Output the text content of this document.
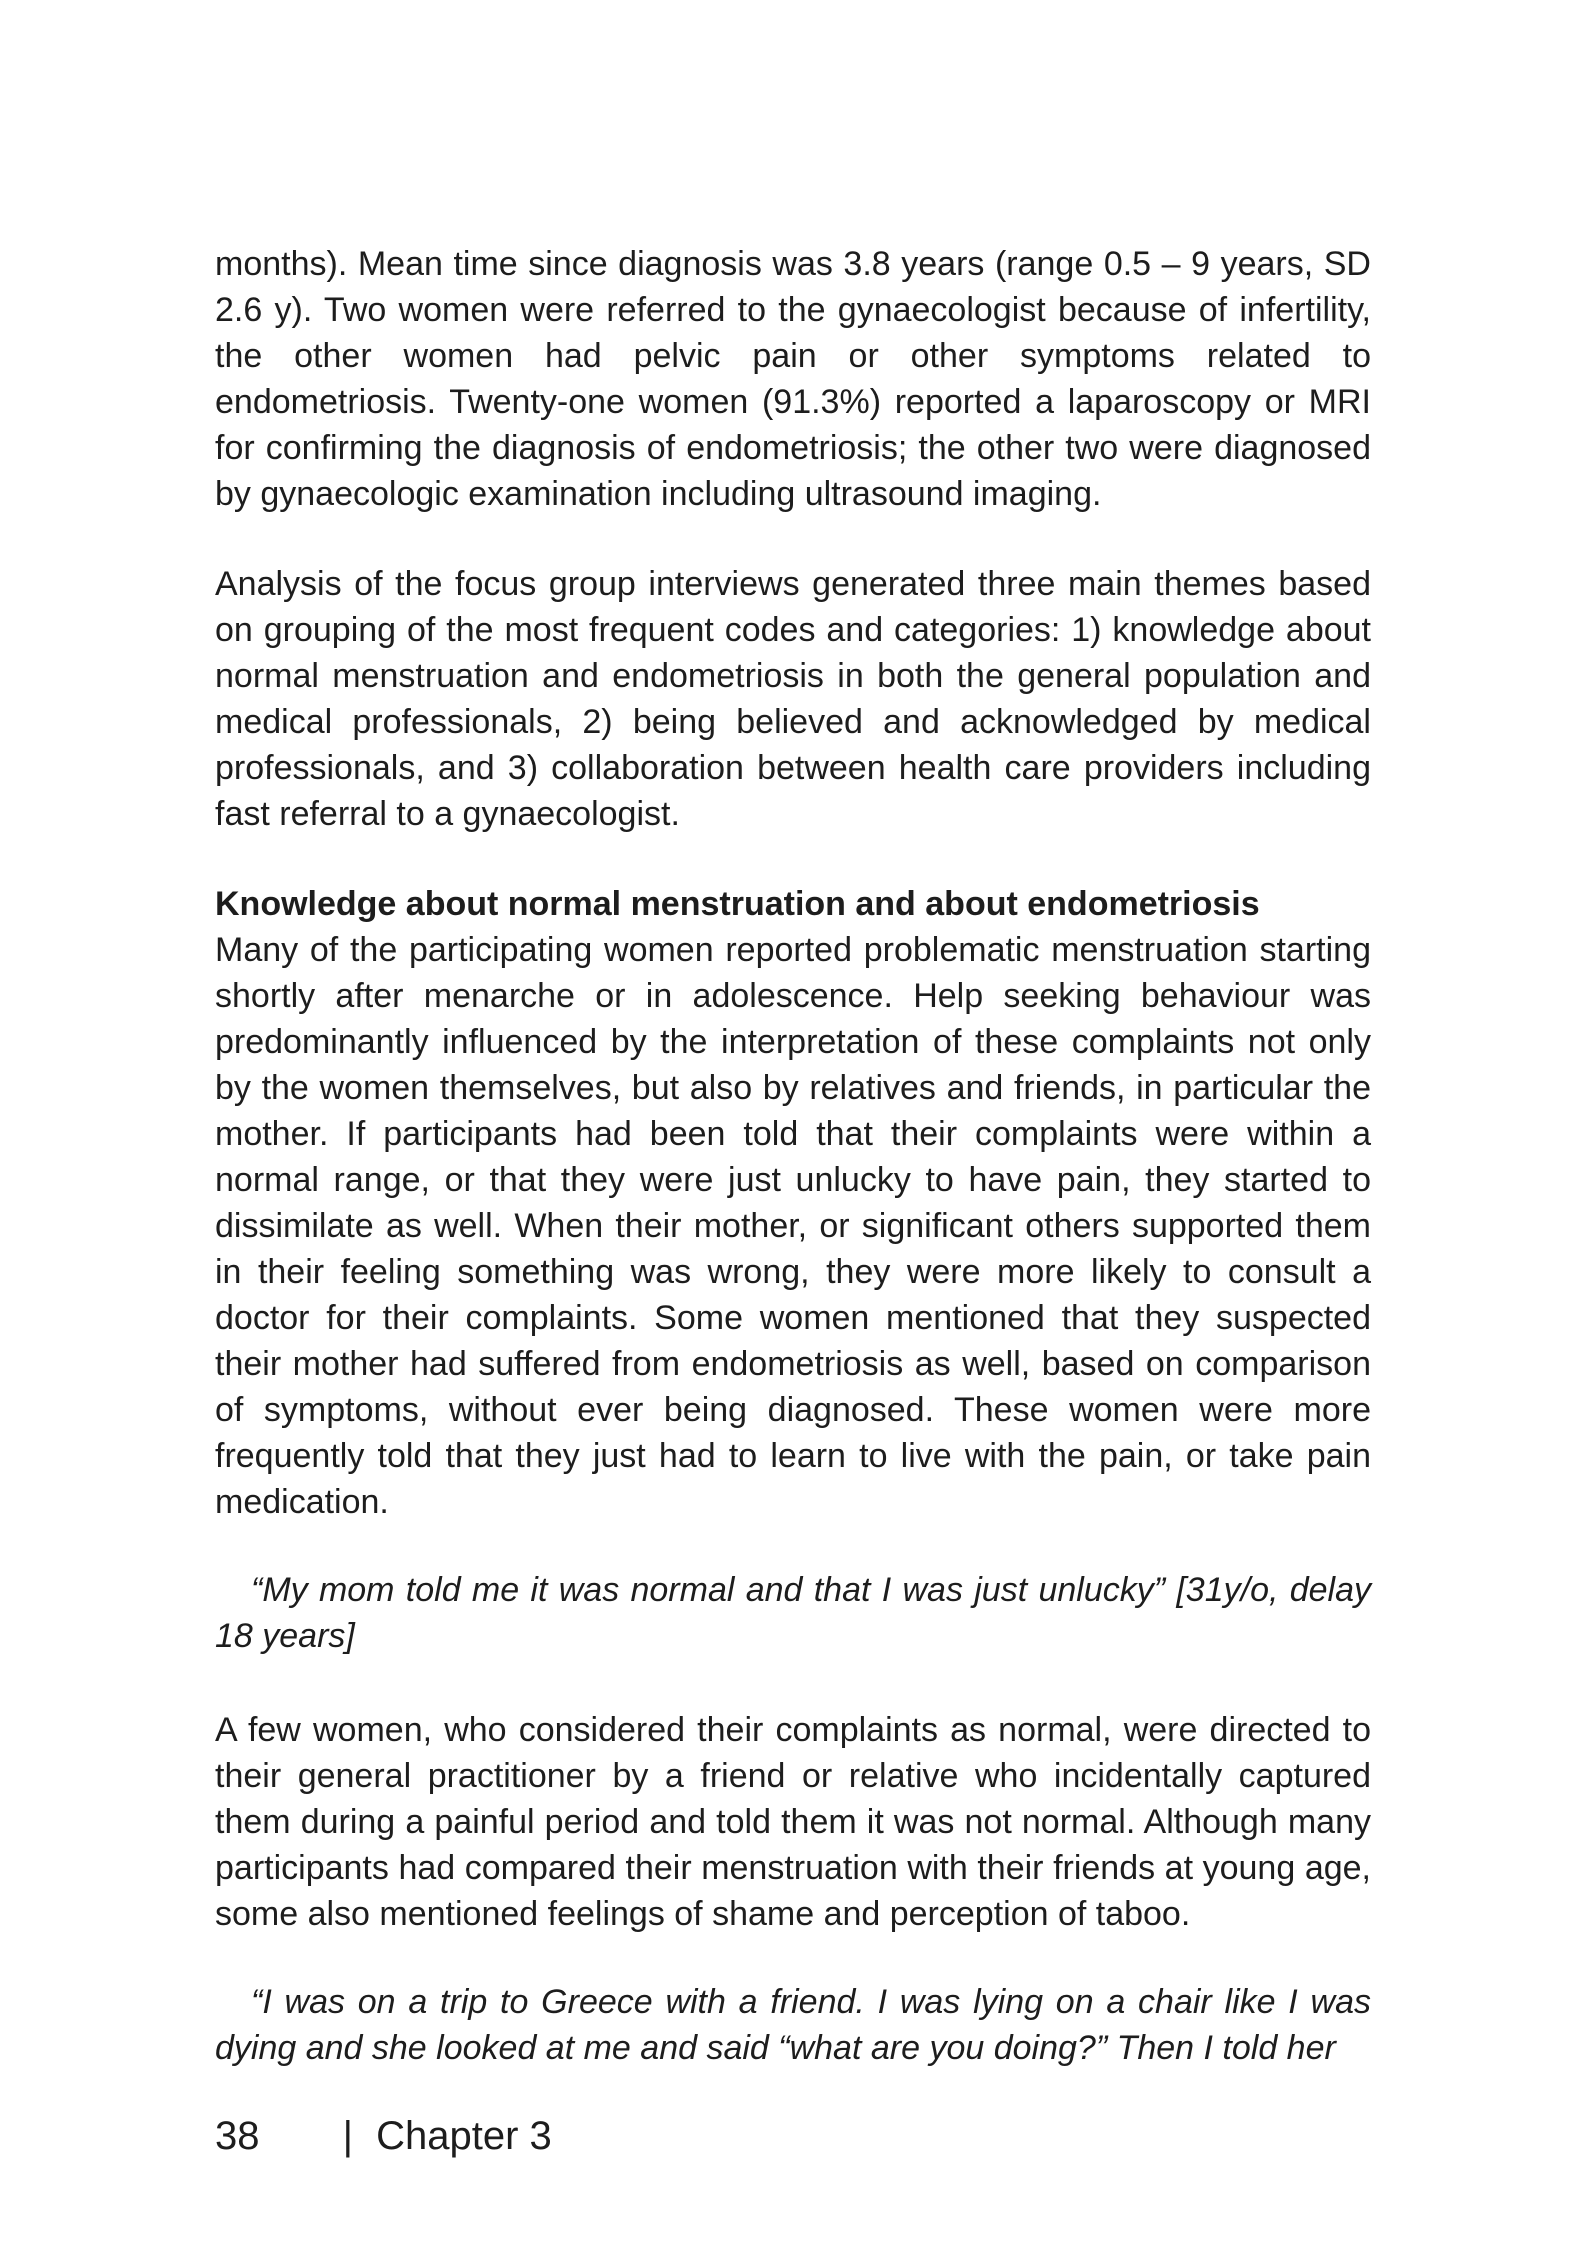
months). Mean time since diagnosis was 3.8 years (range 0.5 – 9 years, SD 2.6 y). Two women were referred to the gynaecologist because of infertility, the other women had pelvic pain or other symptoms related to endometriosis. Twenty-one women (91.3%) reported a laparoscopy or MRI for confirming the diagnosis of endometriosis; the other two were diagnosed by gynaecologic examination including ultrasound imaging.

Analysis of the focus group interviews generated three main themes based on grouping of the most frequent codes and categories: 1) knowledge about normal menstruation and endometriosis in both the general population and medical professionals, 2) being believed and acknowledged by medical professionals, and 3) collaboration between health care providers including fast referral to a gynaecologist.

Knowledge about normal menstruation and about endometriosis

Many of the participating women reported problematic menstruation starting shortly after menarche or in adolescence. Help seeking behaviour was predominantly influenced by the interpretation of these complaints not only by the women themselves, but also by relatives and friends, in particular the mother. If participants had been told that their complaints were within a normal range, or that they were just unlucky to have pain, they started to dissimilate as well. When their mother, or significant others supported them in their feeling something was wrong, they were more likely to consult a doctor for their complaints. Some women mentioned that they suspected their mother had suffered from endometriosis as well, based on comparison of symptoms, without ever being diagnosed. These women were more frequently told that they just had to learn to live with the pain, or take pain medication.

“My mom told me it was normal and that I was just unlucky” [31y/o, delay 18 years]

A few women, who considered their complaints as normal, were directed to their general practitioner by a friend or relative who incidentally captured them during a painful period and told them it was not normal. Although many participants had compared their menstruation with their friends at young age, some also mentioned feelings of shame and perception of taboo.

“I was on a trip to Greece with a friend. I was lying on a chair like I was dying and she looked at me and said “what are you doing?” Then I told her

38 | Chapter 3
